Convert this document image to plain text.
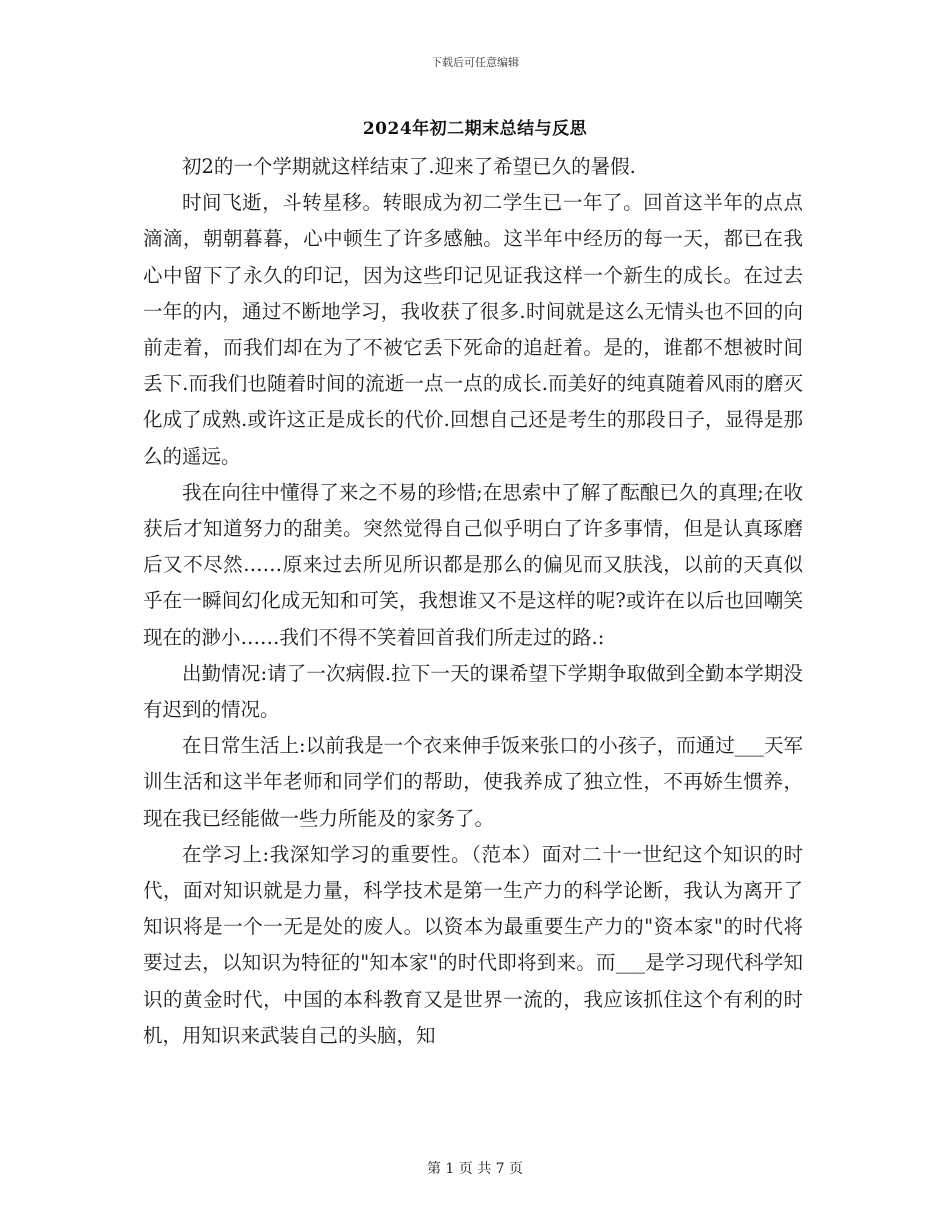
下载后可任意编辑
2024年初二期末总结与反思

初2的一个学期就这样结束了.迎来了希望已久的暑假.

时间飞逝，斗转星移。转眼成为初二学生已一年了。回首这半年的点点滴滴，朝朝暮暮，心中顿生了许多感触。这半年中经历的每一天，都已在我心中留下了永久的印记，因为这些印记见证我这样一个新生的成长。在过去一年的内，通过不断地学习，我收获了很多.时间就是这么无情头也不回的向前走着，而我们却在为了不被它丢下死命的追赶着。是的，谁都不想被时间丢下.而我们也随着时间的流逝一点一点的成长.而美好的纯真随着风雨的磨灭化成了成熟.或许这正是成长的代价.回想自己还是考生的那段日子，显得是那么的遥远。

我在向往中懂得了来之不易的珍惜;在思索中了解了酝酿已久的真理;在收获后才知道努力的甜美。突然觉得自己似乎明白了许多事情，但是认真琢磨后又不尽然……原来过去所见所识都是那么的偏见而又肤浅，以前的天真似乎在一瞬间幻化成无知和可笑，我想谁又不是这样的呢?或许在以后也回嘲笑现在的渺小……我们不得不笑着回首我们所走过的路.:

出勤情况:请了一次病假.拉下一天的课希望下学期争取做到全勤本学期没有迟到的情况。

在日常生活上:以前我是一个衣来伸手饭来张口的小孩子，而通过___天军训生活和这半年老师和同学们的帮助，使我养成了独立性，不再娇生惯养，现在我已经能做一些力所能及的家务了。

在学习上:我深知学习的重要性。（范本）面对二十一世纪这个知识的时代，面对知识就是力量，科学技术是第一生产力的科学论断，我认为离开了知识将是一个一无是处的废人。以资本为最重要生产力的"资本家"的时代将要过去，以知识为特征的"知本家"的时代即将到来。而___是学习现代科学知识的黄金时代，中国的本科教育又是世界一流的，我应该抓住这个有利的时机，用知识来武装自己的头脑，知

第 1 页 共 7 页
